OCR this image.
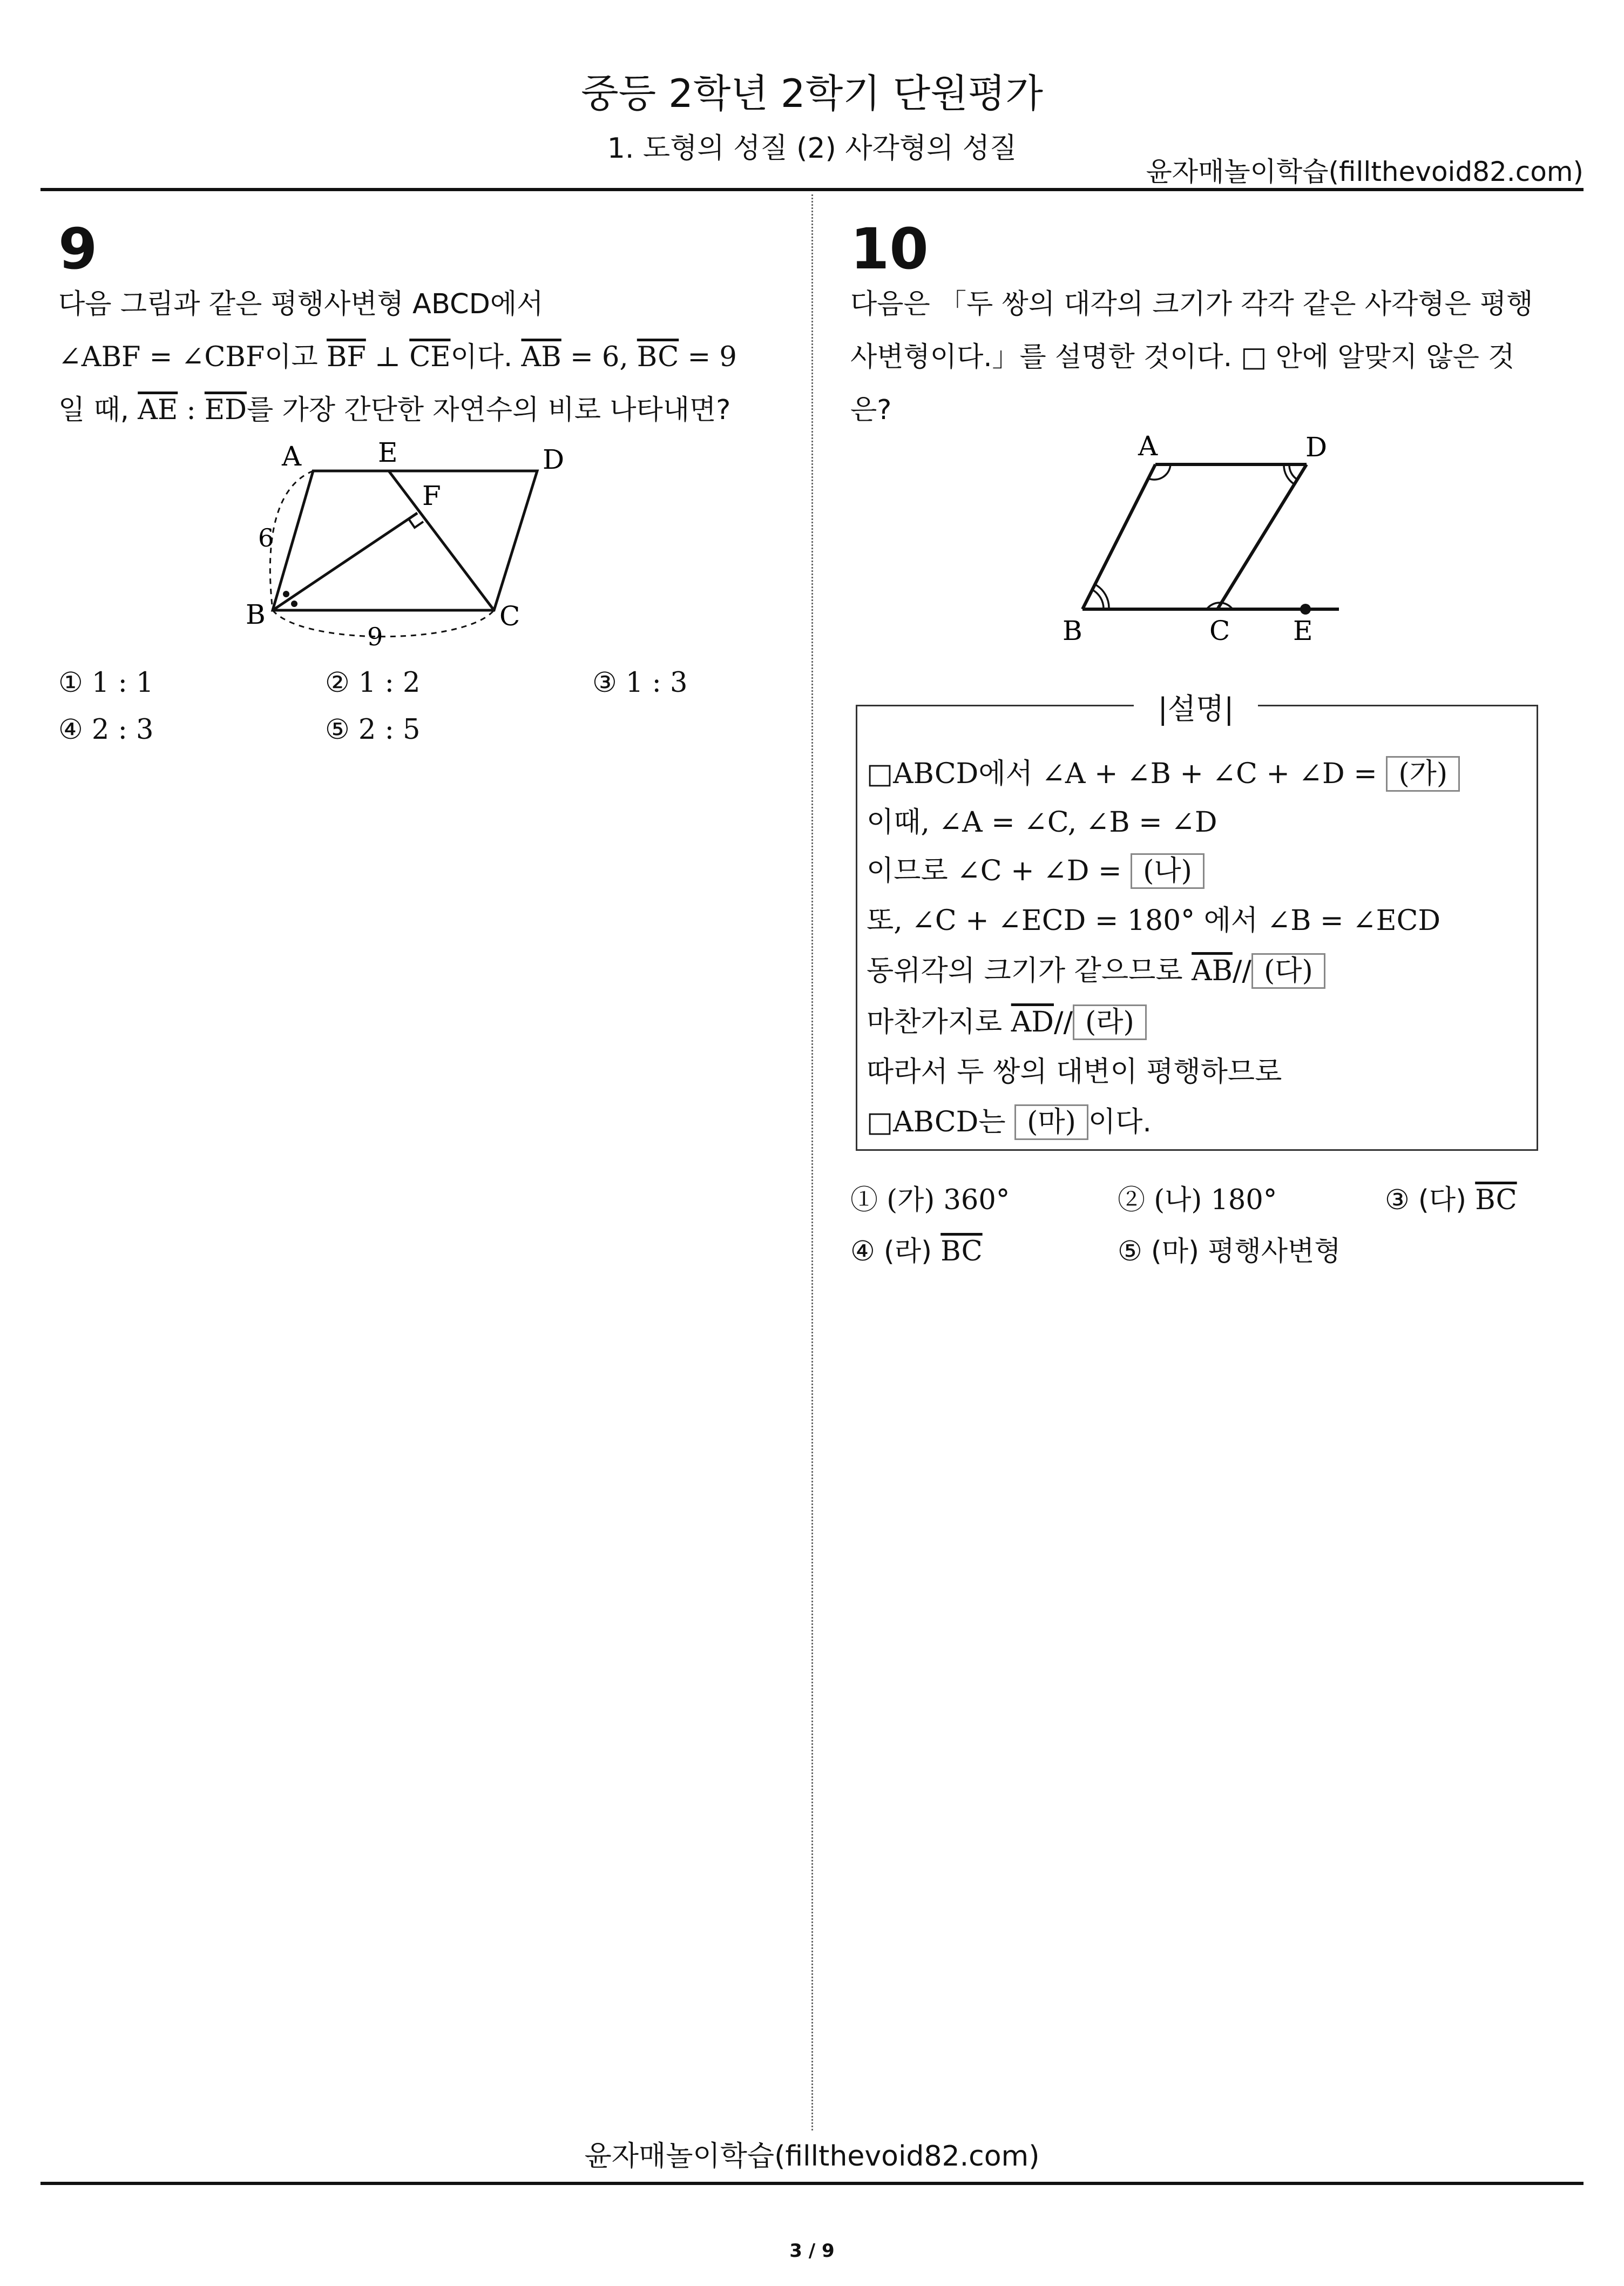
중등 2학년 2학기 단원평가
1. 도형의 성질 (2) 사각형의 성질
윤자매놀이학습(fillthevoid82.com)
9
다음 그림과 같은 평행사변형 ABCD에서
∠ABF = ∠CBF이고 $\overline{BF}$ ⊥ $\overline{CE}$이다. $\overline{AB} = 6$, $\overline{BC} = 9$
일 때, $\overline{AE}$ : $\overline{ED}$를 가장 간단한 자연수의 비로 나타내면?
A	E	D
F
B	C
6
9
① 1 : 1	② 1 : 2	③ 1 : 3
④ 2 : 3	⑤ 2 : 5
10
다음은 「두 쌍의 대각의 크기가 각각 같은 사각형은 평행
사변형이다.」를 설명한 것이다. □ 안에 알맞지 않은 것
은?
A	D
B	C E
|설명|
□ABCD에서 ∠A + ∠B + ∠C + ∠D = (가)
이때, ∠A = ∠C, ∠B = ∠D
이므로 ∠C + ∠D = (나)
또, ∠C + ∠ECD = 180° 에서 ∠B = ∠ECD
동위각의 크기가 같으므로 $\overline{AB}//$ (다)
마찬가지로 $\overline{AD}//$ (라)
따라서 두 쌍의 대변이 평행하므로
□ABCD는 (마) 이다.
① (가) 360°	② (나) 180°	③ (다) $\overline{BC}$
④ (라) $\overline{BC}$	⑤ (마) 평행사변형
윤자매놀이학습(fillthevoid82.com)
3 / 9
